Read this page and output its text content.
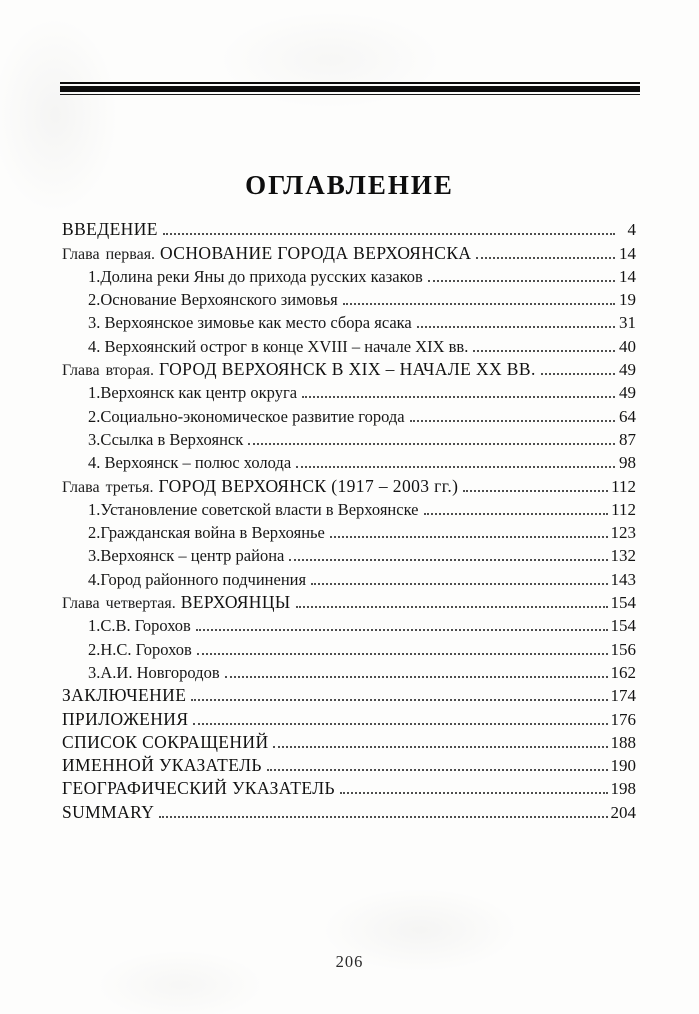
ОГЛАВЛЕНИЕ
ВВЕДЕНИЕ	4
Глава первая. ОСНОВАНИЕ ГОРОДА ВЕРХОЯНСКА	14
1.Долина реки Яны до прихода русских казаков	14
2.Основание Верхоянского зимовья	19
3. Верхоянское зимовье как место сбора ясака	31
4. Верхоянский острог в конце XVIII – начале XIX вв.	40
Глава вторая. ГОРОД ВЕРХОЯНСК В XIX – НАЧАЛЕ XX ВВ.	49
1.Верхоянск как центр округа	49
2.Социально-экономическое развитие города	64
3.Ссылка в Верхоянск	87
4. Верхоянск – полюс холода	98
Глава третья. ГОРОД ВЕРХОЯНСК (1917 – 2003 гг.)	112
1.Установление советской власти в Верхоянске	112
2.Гражданская война в Верхоянье	123
3.Верхоянск – центр района	132
4.Город районного подчинения	143
Глава четвертая. ВЕРХОЯНЦЫ	154
1.С.В. Горохов	154
2.Н.С. Горохов	156
3.А.И. Новгородов	162
ЗАКЛЮЧЕНИЕ	174
ПРИЛОЖЕНИЯ	176
СПИСОК СОКРАЩЕНИЙ	188
ИМЕННОЙ УКАЗАТЕЛЬ	190
ГЕОГРАФИЧЕСКИЙ УКАЗАТЕЛЬ	198
SUMMARY	204
206
